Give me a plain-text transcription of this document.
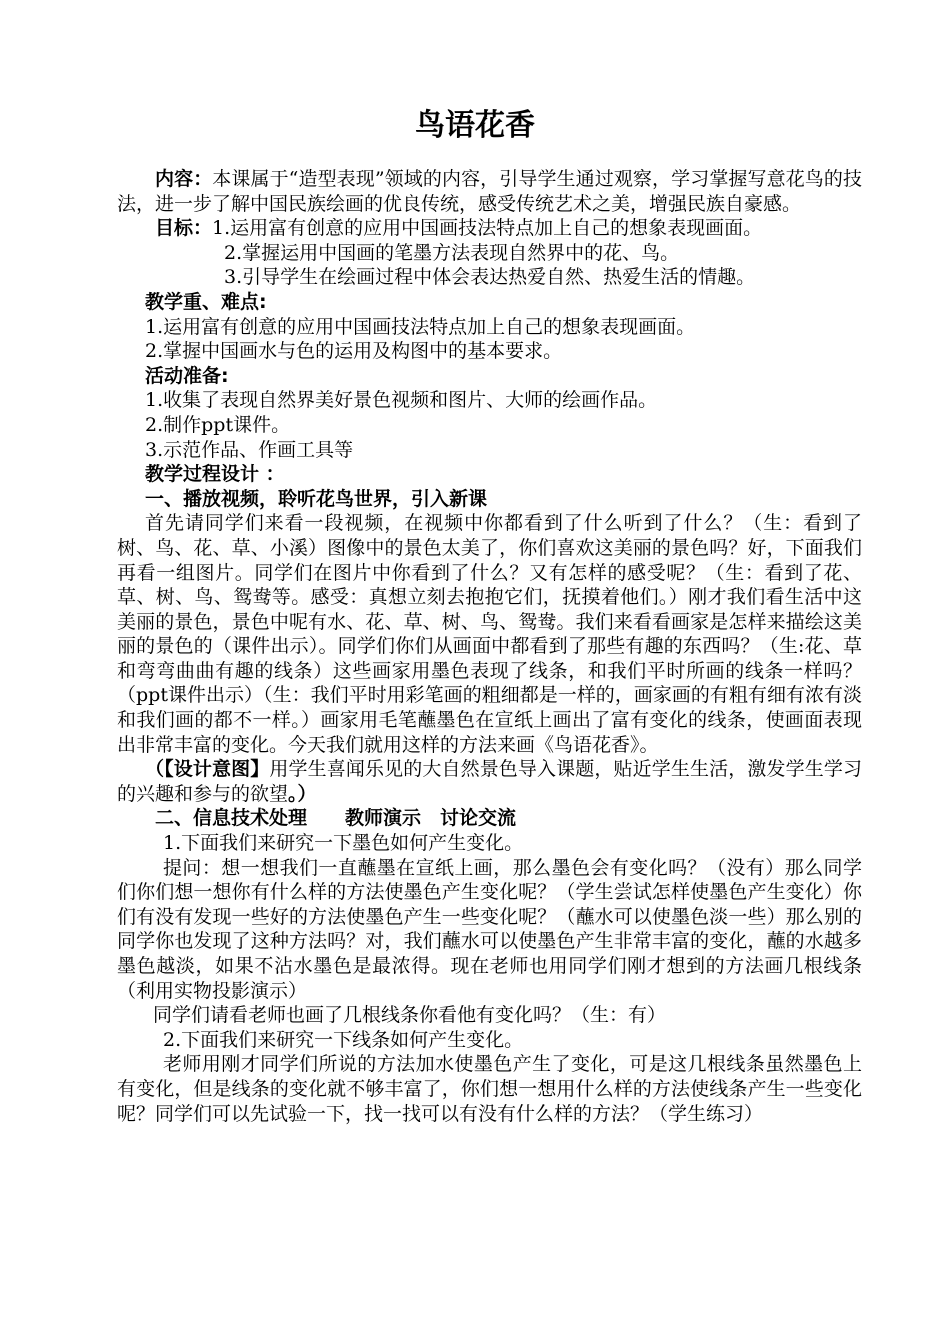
鸟语花香

内容：本课属于“造型表现”领域的内容，引导学生通过观察，学习掌握写意花鸟的技法，进一步了解中国民族绘画的优良传统，感受传统艺术之美，增强民族自豪感。

目标：1.运用富有创意的应用中国画技法特点加上自己的想象表现画面。

2.掌握运用中国画的笔墨方法表现自然界中的花、鸟。

3.引导学生在绘画过程中体会表达热爱自然、热爱生活的情趣。

教学重、难点:

1.运用富有创意的应用中国画技法特点加上自己的想象表现画面。

2.掌握中国画水与色的运用及构图中的基本要求。

活动准备:

1.收集了表现自然界美好景色视频和图片、大师的绘画作品。

2.制作ppt课件。

3.示范作品、作画工具等

教学过程设计 ：

一、播放视频，聆听花鸟世界，引入新课

首先请同学们来看一段视频，在视频中你都看到了什么听到了什么？（生：看到了树、鸟、花、草、小溪）图像中的景色太美了，你们喜欢这美丽的景色吗？好，下面我们再看一组图片。同学们在图片中你看到了什么？又有怎样的感受呢？（生：看到了花、草、树、鸟、鸳鸯等。感受：真想立刻去抱抱它们，抚摸着他们。）刚才我们看生活中这美丽的景色，景色中呢有水、花、草、树、鸟、鸳鸯。我们来看看画家是怎样来描绘这美丽的景色的（课件出示）。同学们你们从画面中都看到了那些有趣的东西吗？（生:花、草和弯弯曲曲有趣的线条）这些画家用墨色表现了线条，和我们平时所画的线条一样吗？（ppt课件出示）（生：我们平时用彩笔画的粗细都是一样的，画家画的有粗有细有浓有淡和我们画的都不一样。）画家用毛笔蘸墨色在宣纸上画出了富有变化的线条，使画面表现出非常丰富的变化。今天我们就用这样的方法来画《鸟语花香》。

（【设计意图】用学生喜闻乐见的大自然景色导入课题，贴近学生生活，激发学生学习的兴趣和参与的欲望。）

二、信息技术处理　　教师演示　讨论交流

1.下面我们来研究一下墨色如何产生变化。

提问：想一想我们一直蘸墨在宣纸上画，那么墨色会有变化吗？（没有）那么同学们你们想一想你有什么样的方法使墨色产生变化呢？（学生尝试怎样使墨色产生变化）你们有没有发现一些好的方法使墨色产生一些变化呢？（蘸水可以使墨色淡一些）那么别的同学你也发现了这种方法吗？对，我们蘸水可以使墨色产生非常丰富的变化，蘸的水越多墨色越淡，如果不沾水墨色是最浓得。现在老师也用同学们刚才想到的方法画几根线条（利用实物投影演示）

同学们请看老师也画了几根线条你看他有变化吗？（生：有）

2.下面我们来研究一下线条如何产生变化。

老师用刚才同学们所说的方法加水使墨色产生了变化，可是这几根线条虽然墨色上有变化，但是线条的变化就不够丰富了，你们想一想用什么样的方法使线条产生一些变化呢？同学们可以先试验一下，找一找可以有没有什么样的方法？（学生练习）
